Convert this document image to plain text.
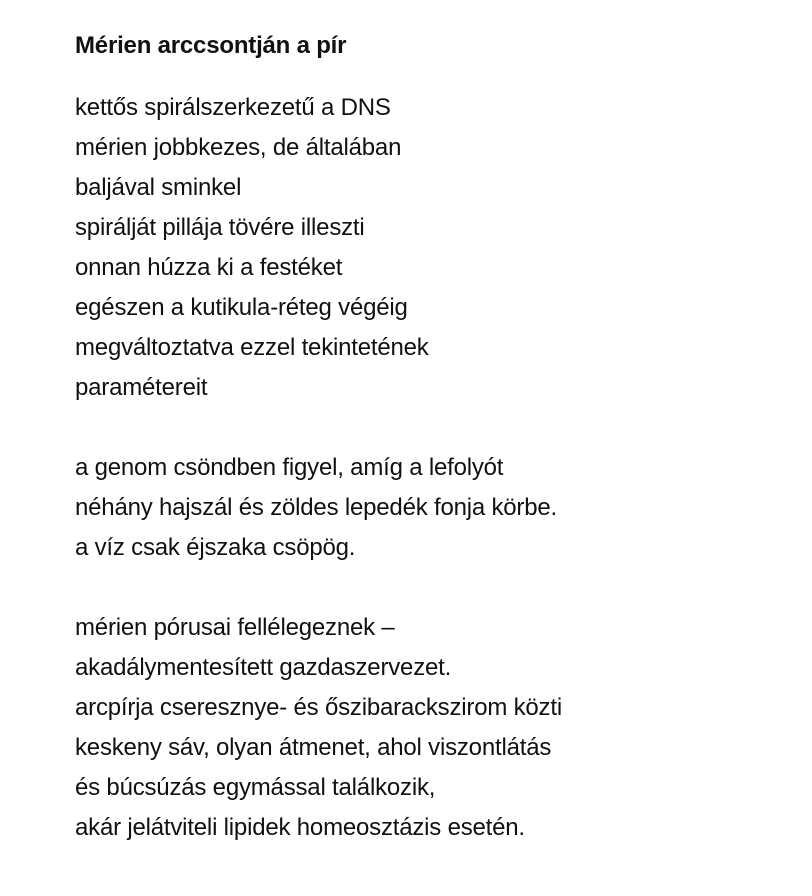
Mérien arccsontján a pír
kettős spirálszerkezetű a DNS
mérien jobbkezes, de általában
baljával sminkel
spirálját pillája tövére illeszti
onnan húzza ki a festéket
egészen a kutikula-réteg végéig
megváltoztatva ezzel tekintetének
paramétereit
a genom csöndben figyel, amíg a lefolyót
néhány hajszál és zöldes lepedék fonja körbe.
a víz csak éjszaka csöpög.
mérien pórusai fellélegeznek –
akadálymentesített gazdaszervezet.
arcpírja cseresznye- és őszibarackszirom közti
keskeny sáv, olyan átmenet, ahol viszontlátás
és búcsúzás egymással találkozik,
akár jelátviteli lipidek homeosztázis esetén.
